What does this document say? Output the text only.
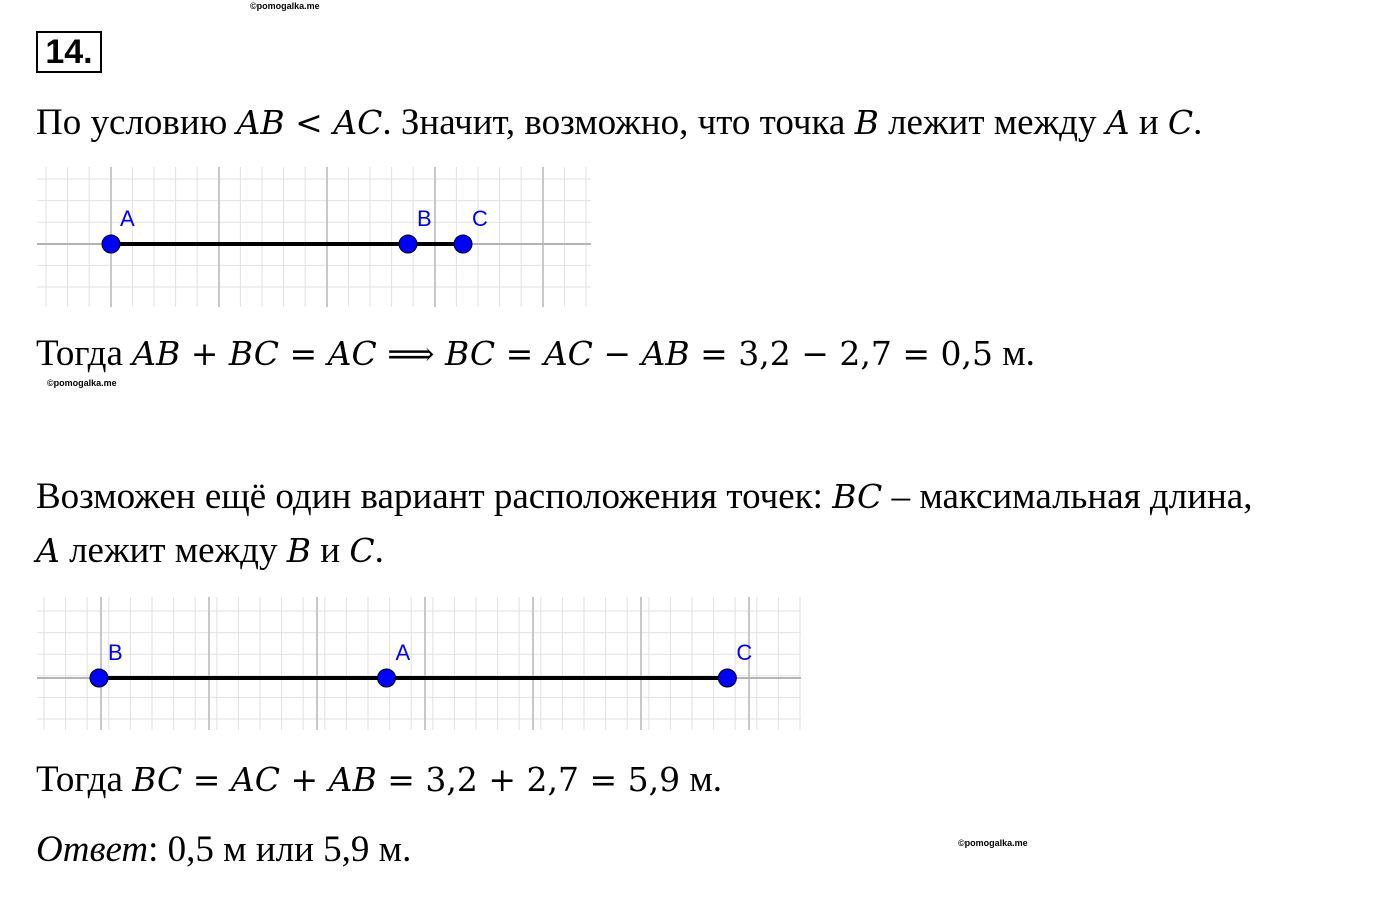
©pomogalka.me
©pomogalka.me
©pomogalka.me
14.
По условию AB < AC. Значит, возможно, что точка B лежит между A и C.
A	B C
Тогда AB + BC = AC ⟹ BC = AC − AB = 3,2 − 2,7 = 0,5 м.
Возможен ещё один вариант расположения точек: BC – максимальная длина,
A лежит между B и C.
B	A	C
Тогда BC = AC + AB = 3,2 + 2,7 = 5,9 м.
Ответ: 0,5 м или 5,9 м.
